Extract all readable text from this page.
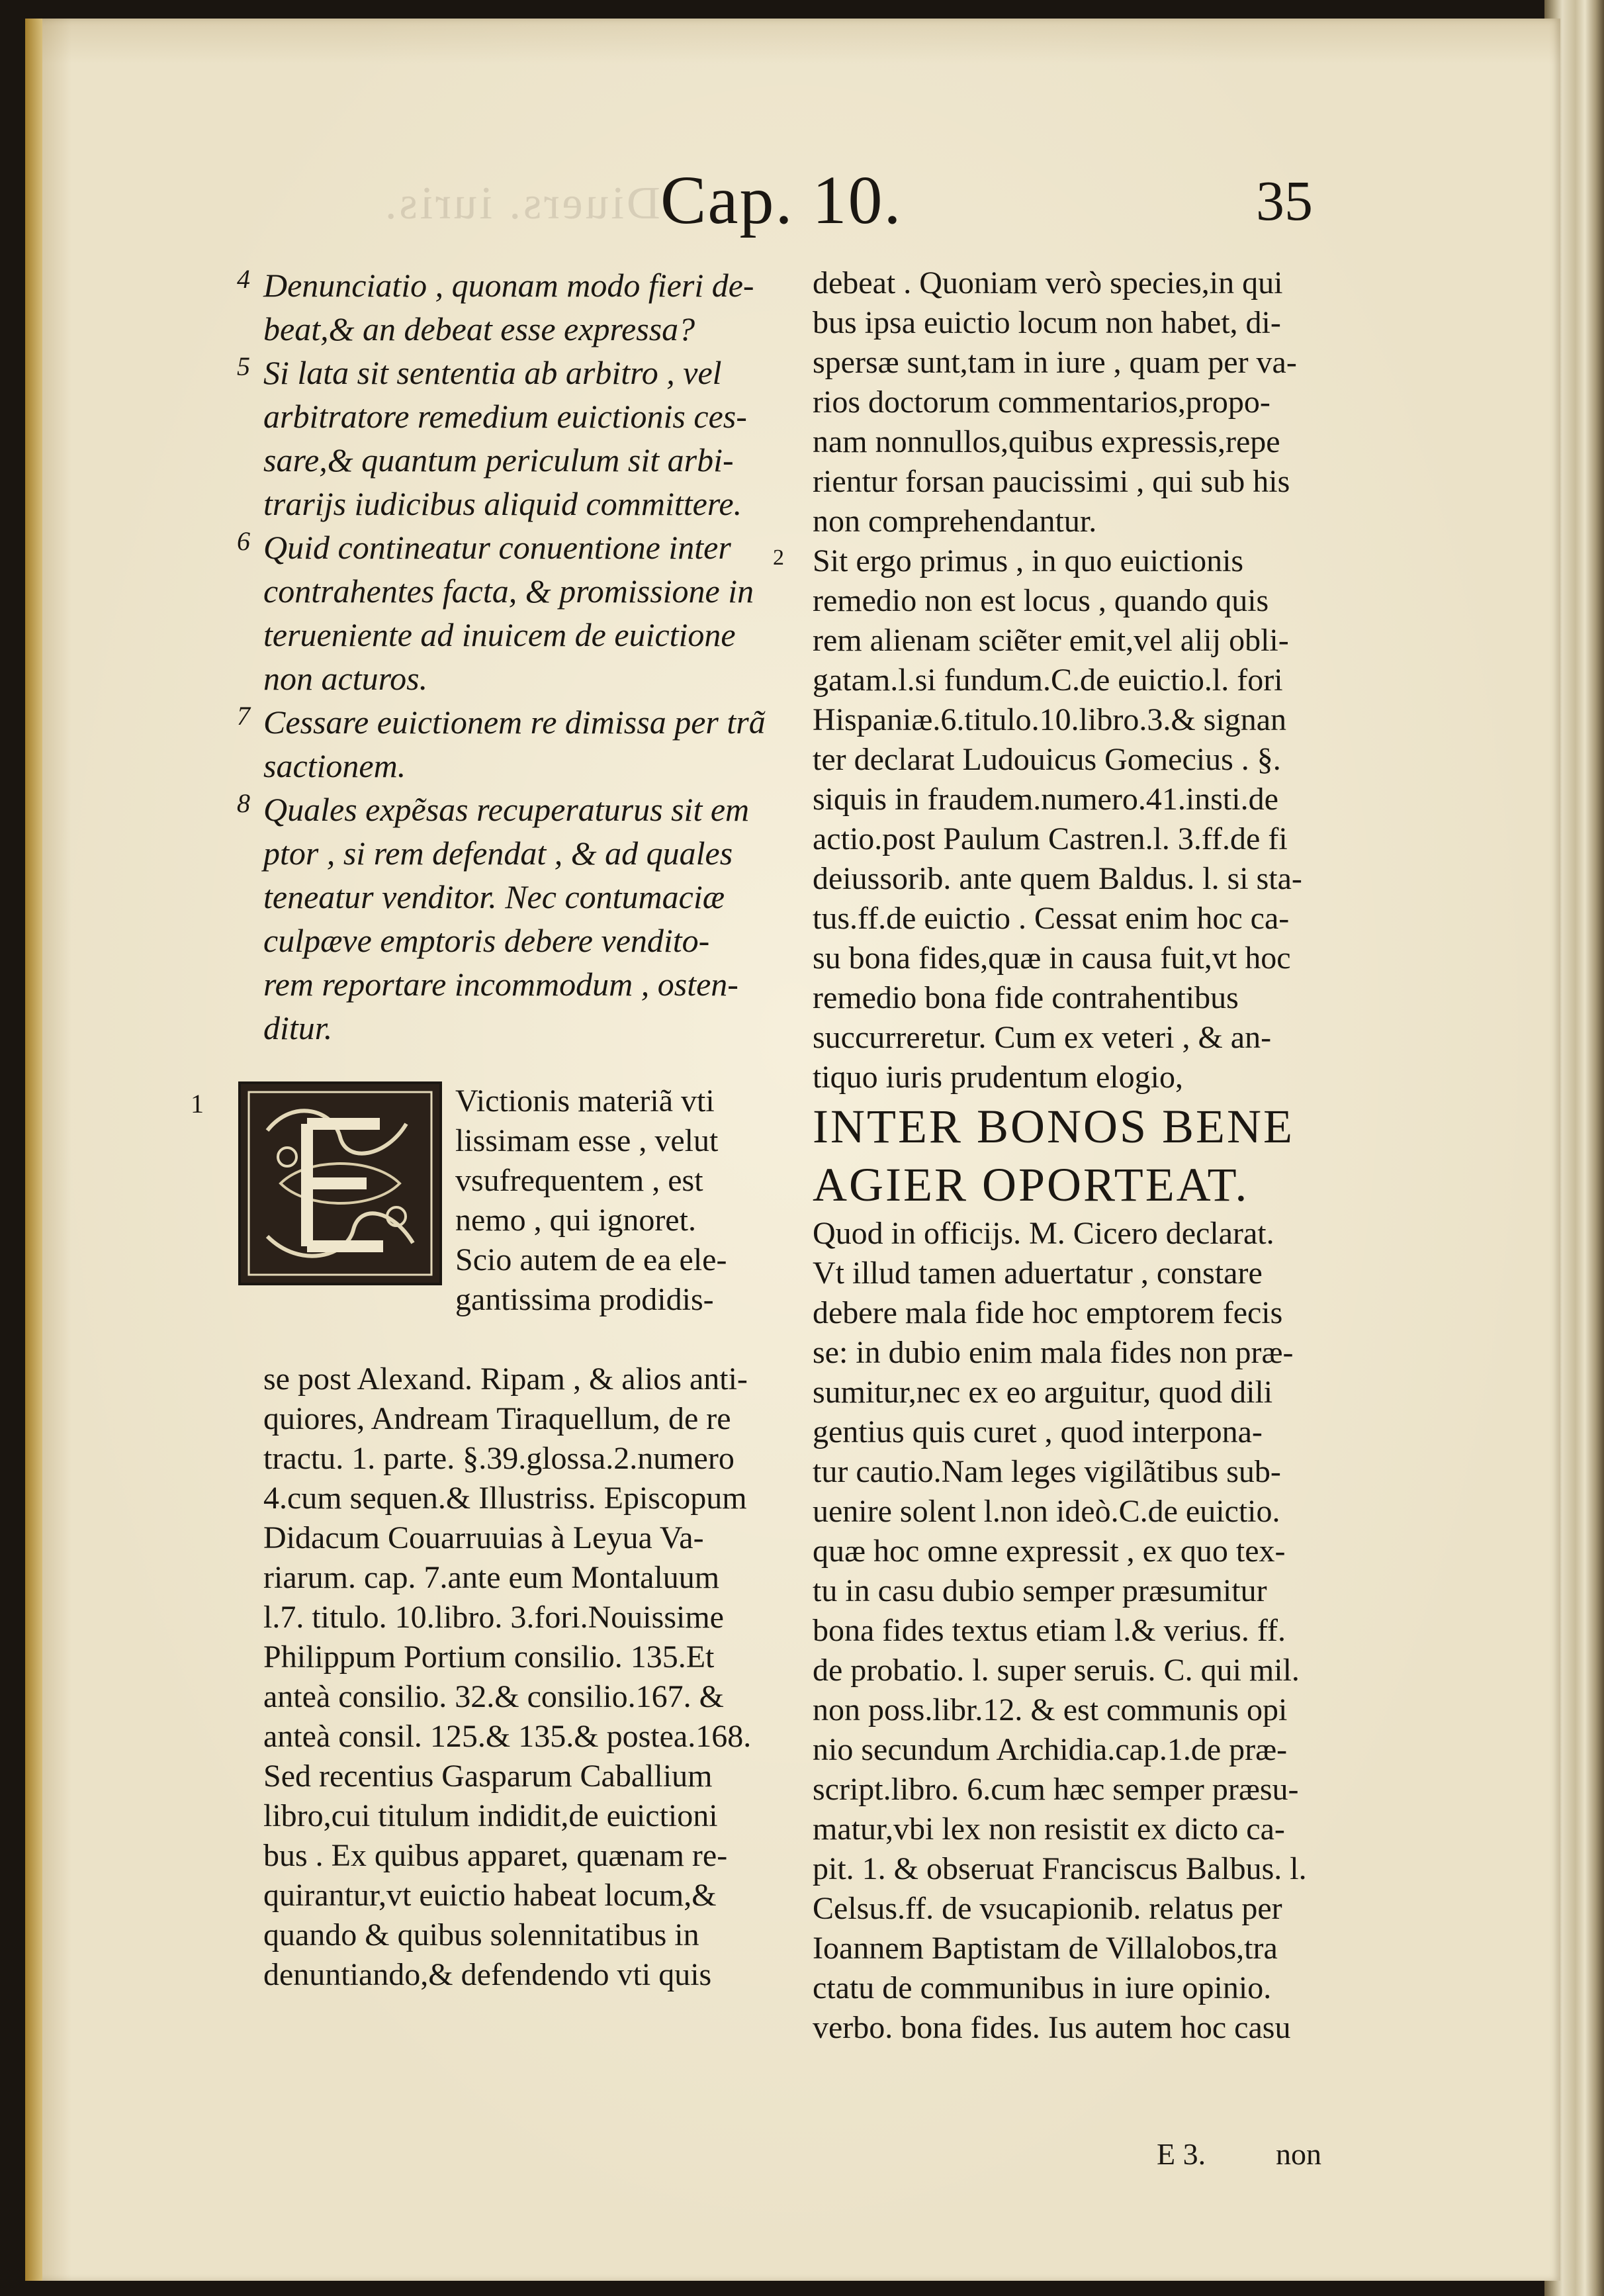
Diuers. iuris. Cap. 10.	35
4 Denunciatio , quonam modo fieri de-
beat,& an debeat esse expressa?
5 Si lata sit sententia ab arbitro , vel
arbitratore remedium euictionis ces-
sare,& quantum periculum sit arbi-
trarijs iudicibus aliquid committere.
6 Quid contineatur conuentione inter
contrahentes facta, & promissione in
terueniente ad inuicem de euictione
non acturos.
7 Cessare euictionem re dimissa per trã
sactionem.
8 Quales expẽsas recuperaturus sit em
ptor , si rem defendat , & ad quales
teneatur venditor. Nec contumaciæ
culpæve emptoris debere vendito-
rem reportare incommodum , osten-
ditur.
1	Victionis materiã vti
lissimam esse , velut
vsufrequentem , est
nemo , qui ignoret.
Scio autem de ea ele-
gantissima prodidis-
se post Alexand. Ripam , & alios anti-
quiores, Andream Tiraquellum, de re
tractu. 1. parte. §.39.glossa.2.numero
4.cum sequen.& Illustriss. Episcopum
Didacum Couarruuias à Leyua Va-
riarum. cap. 7.ante eum Montaluum
l.7. titulo. 10.libro. 3.fori.Nouissime
Philippum Portium consilio. 135.Et
anteà consilio. 32.& consilio.167. &
anteà consil. 125.& 135.& postea.168.
Sed recentius Gasparum Caballium
libro,cui titulum indidit,de euictioni
bus . Ex quibus apparet, quænam re-
quirantur,vt euictio habeat locum,&
quando & quibus solennitatibus in
denuntiando,& defendendo vti quis
debeat . Quoniam verò species,in qui
bus ipsa euictio locum non habet, di-
spersæ sunt,tam in iure , quam per va-
rios doctorum commentarios,propo-
nam nonnullos,quibus expressis,repe
rientur forsan paucissimi , qui sub his
non comprehendantur.
2 Sit ergo primus , in quo euictionis
remedio non est locus , quando quis
rem alienam sciẽter emit,vel alij obli-
gatam.l.si fundum.C.de euictio.l. fori
Hispaniæ.6.titulo.10.libro.3.& signan
ter declarat Ludouicus Gomecius . §.
siquis in fraudem.numero.41.insti.de
actio.post Paulum Castren.l. 3.ff.de fi
deiussorib. ante quem Baldus. l. si sta-
tus.ff.de euictio . Cessat enim hoc ca-
su bona fides,quæ in causa fuit,vt hoc
remedio bona fide contrahentibus
succurreretur. Cum ex veteri , & an-
tiquo iuris prudentum elogio,
INTER BONOS BENE
AGIER OPORTEAT.
Quod in officijs. M. Cicero declarat.
Vt illud tamen aduertatur , constare
debere mala fide hoc emptorem fecis
se: in dubio enim mala fides non præ-
sumitur,nec ex eo arguitur, quod dili
gentius quis curet , quod interpona-
tur cautio.Nam leges vigilãtibus sub-
uenire solent l.non ideò.C.de euictio.
quæ hoc omne expressit , ex quo tex-
tu in casu dubio semper præsumitur
bona fides textus etiam l.& verius. ff.
de probatio. l. super seruis. C. qui mil.
non poss.libr.12. & est communis opi
nio secundum Archidia.cap.1.de præ-
script.libro. 6.cum hæc semper præsu-
matur,vbi lex non resistit ex dicto ca-
pit. 1. & obseruat Franciscus Balbus. l.
Celsus.ff. de vsucapionib. relatus per
Ioannem Baptistam de Villalobos,tra
ctatu de communibus in iure opinio.
verbo. bona fides. Ius autem hoc casu
E 3. non
